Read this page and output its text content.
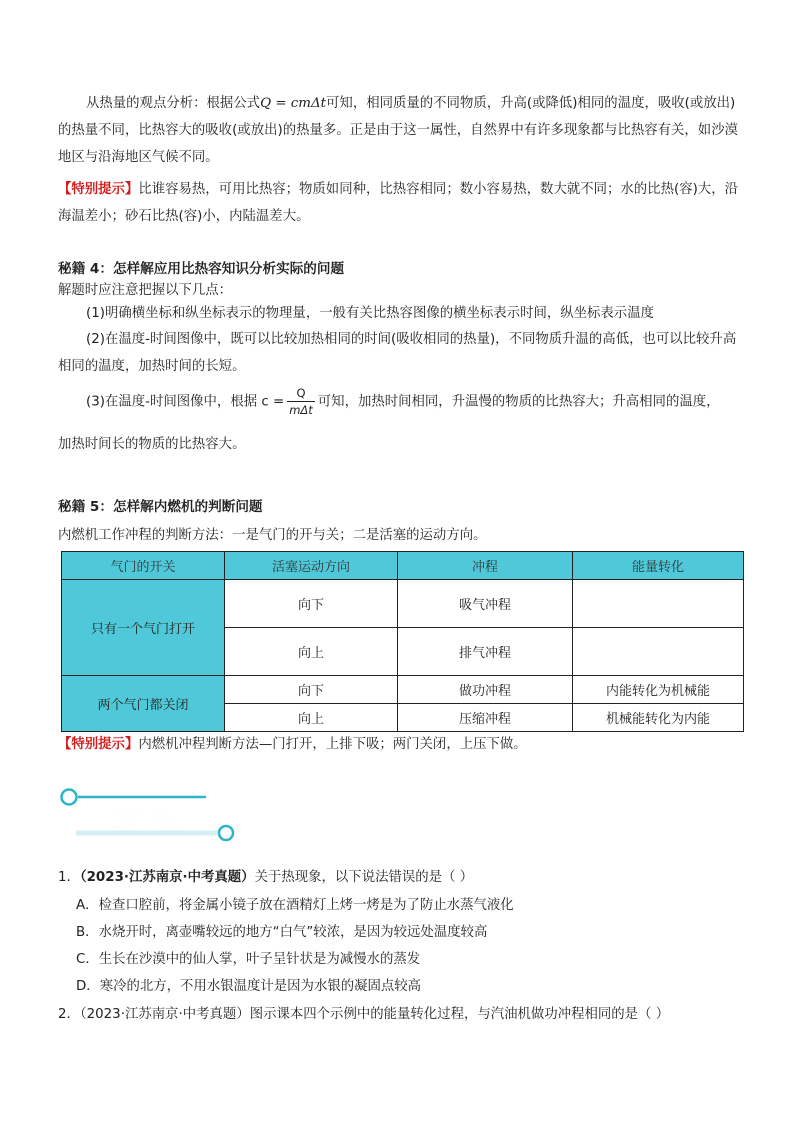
从热量的观点分析：根据公式Q = cmΔt可知，相同质量的不同物质，升高(或降低)相同的温度，吸收(或放出)的热量不同，比热容大的吸收(或放出)的热量多。正是由于这一属性，自然界中有许多现象都与比热容有关，如沙漠地区与沿海地区气候不同。

【特别提示】比谁容易热，可用比热容；物质如同种，比热容相同；数小容易热，数大就不同；水的比热(容)大，沿海温差小；砂石比热(容)小，内陆温差大。

秘籍 4：怎样解应用比热容知识分析实际的问题

解题时应注意把握以下几点：

(1)明确横坐标和纵坐标表示的物理量，一般有关比热容图像的横坐标表示时间，纵坐标表示温度

(2)在温度-时间图像中，既可以比较加热相同的时间(吸收相同的热量)，不同物质升温的高低，也可以比较升高相同的温度，加热时间的长短。

(3)在温度-时间图像中，根据 $c = \frac{Q}{\text{mΔt}}$ 可知，加热时间相同，升温慢的物质的比热容大；升高相同的温度，

加热时间长的物质的比热容大。

秘籍 5：怎样解内燃机的判断问题

内燃机工作冲程的判断方法：一是气门的开与关；二是活塞的运动方向。

气门的开关	活塞运动方向	冲程	能量转化
只有一个气门打开	向下	吸气冲程	
	向上	排气冲程	
两个气门都关闭	向下	做功冲程	内能转化为机械能
	向上	压缩冲程	机械能转化为内能

【特别提示】内燃机冲程判断方法—门打开，上排下吸；两门关闭，上压下做。

真题回顾

1．（2023·江苏南京·中考真题）关于热现象，以下说法错误的是（ ）

A．检查口腔前，将金属小镜子放在酒精灯上烤一烤是为了防止水蒸气液化

B．水烧开时，离壶嘴较远的地方“白气”较浓，是因为较远处温度较高

C．生长在沙漠中的仙人掌，叶子呈针状是为减慢水的蒸发

D．寒冷的北方，不用水银温度计是因为水银的凝固点较高

2．（2023·江苏南京·中考真题）图示课本四个示例中的能量转化过程，与汽油机做功冲程相同的是（ ）
